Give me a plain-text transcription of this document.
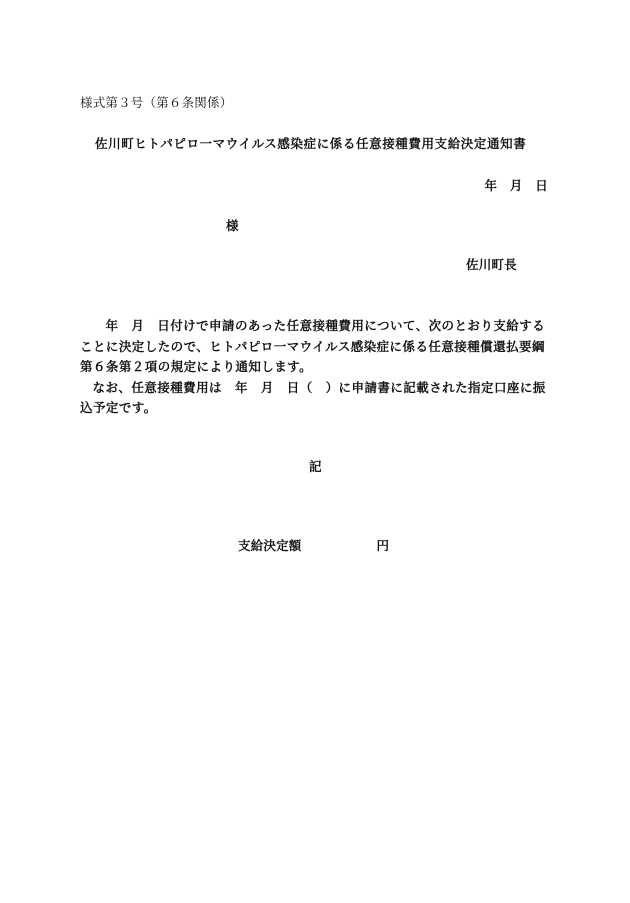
様式第３号（第６条関係）
佐川町ヒトパピロ一マウイルス感染症に係る任意接種費用支給決定通知書
年　月　日
様
佐川町長

　年　月　日付けで申請のあった任意接種費用について、次のとおり支給することに決定したので、ヒトパピロ一マウイルス感染症に係る任意接種償還払要綱第６条第２項の規定により通知します。

なお、任意接種費用は　年　月　日（　）に申請書に記載された指定口座に振込予定です。

記
支給決定額	円
